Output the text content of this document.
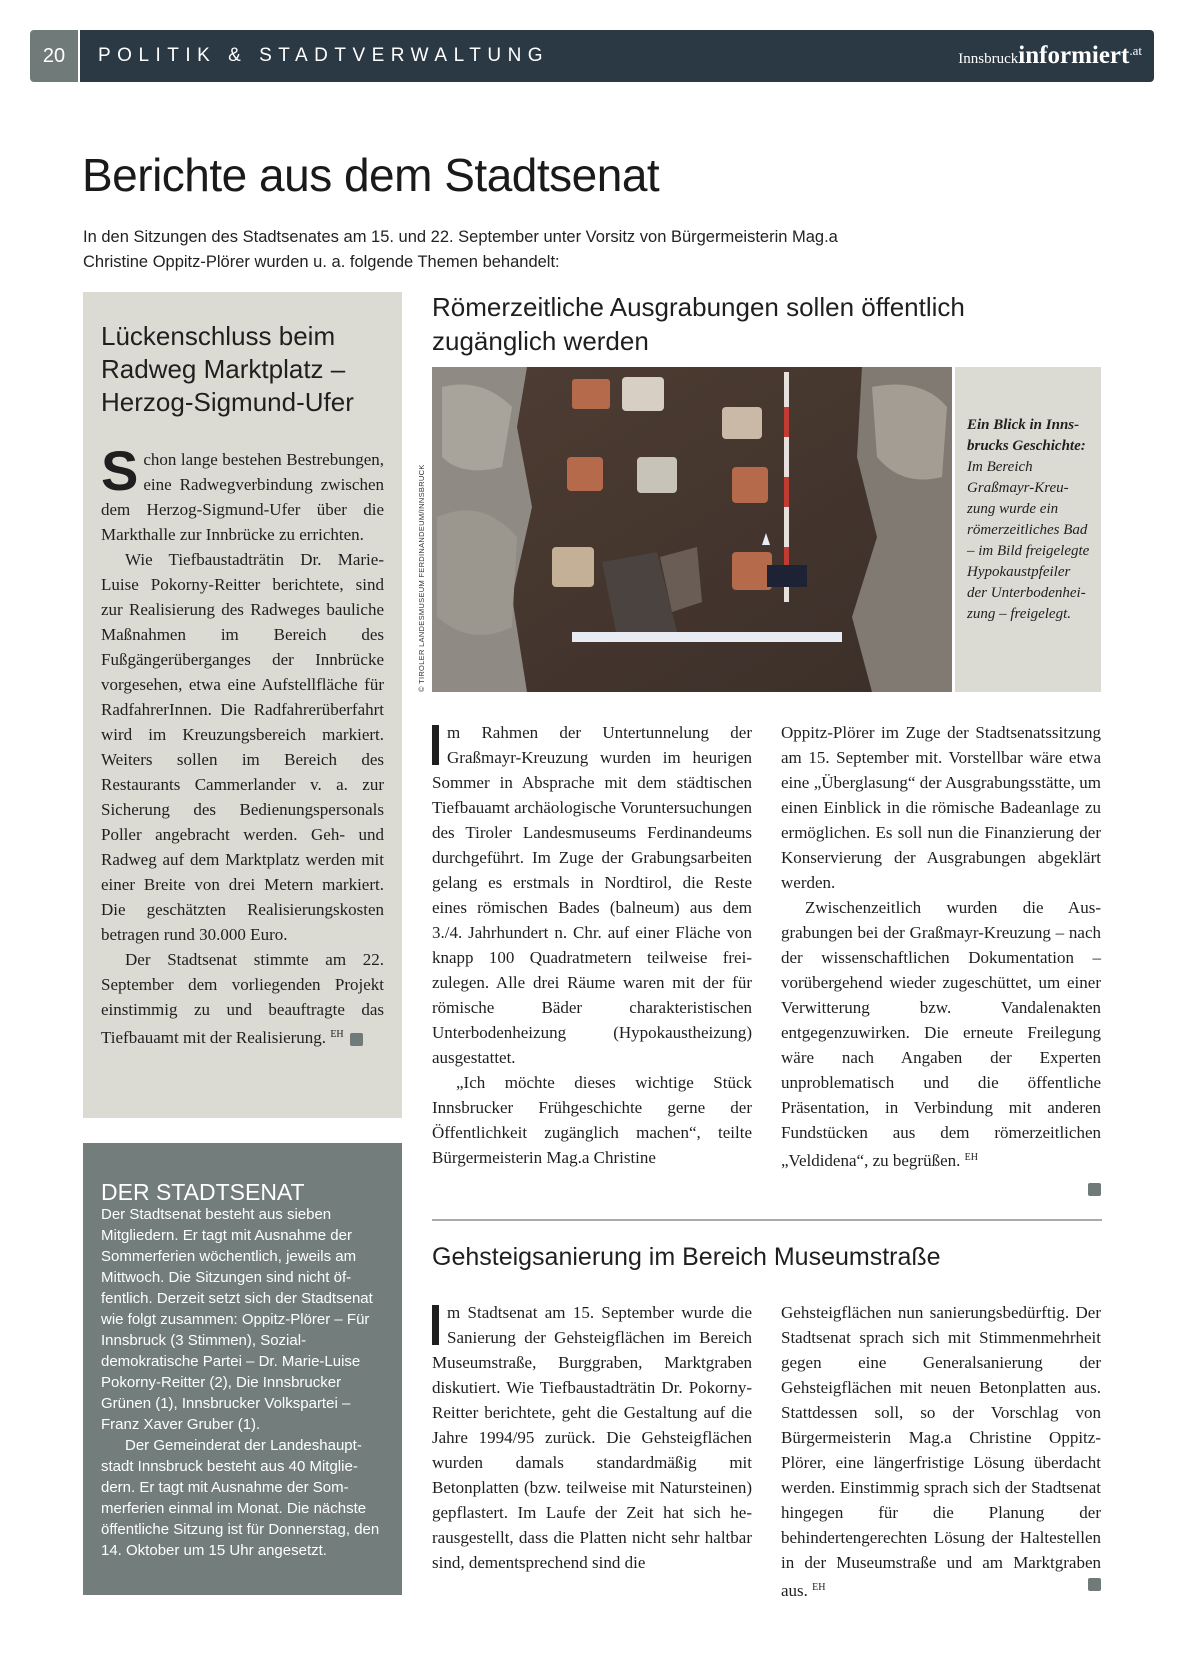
20	POLITIK & STADTVERWALTUNG	Innsbruck informiert .at
Berichte aus dem Stadtsenat

In den Sitzungen des Stadtsenates am 15. und 22. September unter Vorsitz von Bürgermeisterin Mag.a Christine Oppitz-Plörer wurden u. a. folgende Themen behandelt:

Lückenschluss beim Radweg Marktplatz – Herzog-Sigmund-Ufer

Schon lange bestehen Bestrebungen, eine Radwegverbindung zwischen dem Herzog-Sigmund-Ufer über die Markthalle zur Innbrücke zu errichten.

Wie Tiefbaustadträtin Dr. Marie-Luise Pokorny-Reitter berichtete, sind zur Realisierung des Radweges bauliche Maßnahmen im Bereich des Fußgängerüberganges der Innbrücke vorgesehen, etwa eine Aufstellfläche für RadfahrerInnen. Die Radfahrerüberfahrt wird im Kreuzungsbereich markiert. Weiters sollen im Bereich des Restaurants Cammerlander v. a. zur Sicherung des Bedienungspersonals Poller angebracht werden. Geh- und Radweg auf dem Marktplatz werden mit einer Breite von drei Metern markiert. Die geschätzten Realisierungskosten betragen rund 30.000 Euro.

Der Stadtsenat stimmte am 22. September dem vorliegenden Projekt einstimmig zu und beauftragte das Tiefbauamt mit der Realisierung. $^{EH}$

DER STADTSENAT

Der Stadtsenat besteht aus sieben Mitgliedern. Er tagt mit Ausnahme der Sommerferien wöchentlich, jeweils am Mittwoch. Die Sitzungen sind nicht öffentlich. Derzeit setzt sich der Stadtsenat wie folgt zusammen: Oppitz-Plörer – Für Innsbruck (3 Stimmen), Sozialdemokratische Partei – Dr. Marie-Luise Pokorny-Reitter (2), Die Innsbrucker Grünen (1), Innsbrucker Volkspartei – Franz Xaver Gruber (1).

Der Gemeinderat der Landeshauptstadt Innsbruck besteht aus 40 Mitgliedern. Er tagt mit Ausnahme der Sommerferien einmal im Monat. Die nächste öffentliche Sitzung ist für Donnerstag, den 14. Oktober um 15 Uhr angesetzt.

Römerzeitliche Ausgrabungen sollen öffentlich zugänglich werden
© TIROLER LANDESMUSEUM FERDINANDEUM/INNSBRUCK
Ein Blick in Innsbrucks Geschichte: Im Bereich Graßmayr-Kreuzung wurde ein römerzeitliches Bad – im Bild freigelegte Hypokaustpfeiler der Unterbodenheizung – freigelegt.

m Rahmen der Untertunnelung der Graßmayr-Kreuzung wurden im heurigen Sommer in Absprache mit dem städtischen Tiefbauamt archäologische Voruntersuchungen des Tiroler Landesmuseums Ferdinandeums durchgeführt. Im Zuge der Grabungsarbeiten gelang es erstmals in Nordtirol, die Reste eines römischen Bades (balneum) aus dem 3./4. Jahrhundert n. Chr. auf einer Fläche von knapp 100 Quadratmetern teilweise freizulegen. Alle drei Räume waren mit der für römische Bäder charakteristischen Unterbodenheizung (Hypokaustheizung) ausgestattet.

„Ich möchte dieses wichtige Stück Innsbrucker Frühgeschichte gerne der Öffentlichkeit zugänglich machen“, teilte Bürgermeisterin Mag.a Christine

Oppitz-Plörer im Zuge der Stadtsenatssitzung am 15. September mit. Vorstellbar wäre etwa eine „Überglasung“ der Ausgrabungsstätte, um einen Einblick in die römische Badeanlage zu ermöglichen. Es soll nun die Finanzierung der Konservierung der Ausgrabungen abgeklärt werden.

Zwischenzeitlich wurden die Ausgrabungen bei der Graßmayr-Kreuzung – nach der wissenschaftlichen Dokumentation – vorübergehend wieder zugeschüttet, um einer Verwitterung bzw. Vandalenakten entgegenzuwirken. Die erneute Freilegung wäre nach Angaben der Experten unproblematisch und die öffentliche Präsentation, in Verbindung mit anderen Fundstücken aus dem römerzeitlichen „Veldidena“, zu begrüßen. $^{EH}$

Gehsteigsanierung im Bereich Museumstraße

m Stadtsenat am 15. September wurde die Sanierung der Gehsteigflächen im Bereich Museumstraße, Burggraben, Marktgraben diskutiert. Wie Tiefbaustadträtin Dr. Pokorny-Reitter berichtete, geht die Gestaltung auf die Jahre 1994/95 zurück. Die Gehsteigflächen wurden damals standardmäßig mit Betonplatten (bzw. teilweise mit Natursteinen) gepflastert. Im Laufe der Zeit hat sich herausgestellt, dass die Platten nicht sehr haltbar sind, dementsprechend sind die

Gehsteigflächen nun sanierungsbedürftig. Der Stadtsenat sprach sich mit Stimmenmehrheit gegen eine Generalsanierung der Gehsteigflächen mit neuen Betonplatten aus. Stattdessen soll, so der Vorschlag von Bürgermeisterin Mag.a Christine Oppitz-Plörer, eine längerfristige Lösung überdacht werden. Einstimmig sprach sich der Stadtsenat hingegen für die Planung der behindertengerechten Lösung der Haltestellen in der Museumstraße und am Marktgraben aus. $^{EH}$
